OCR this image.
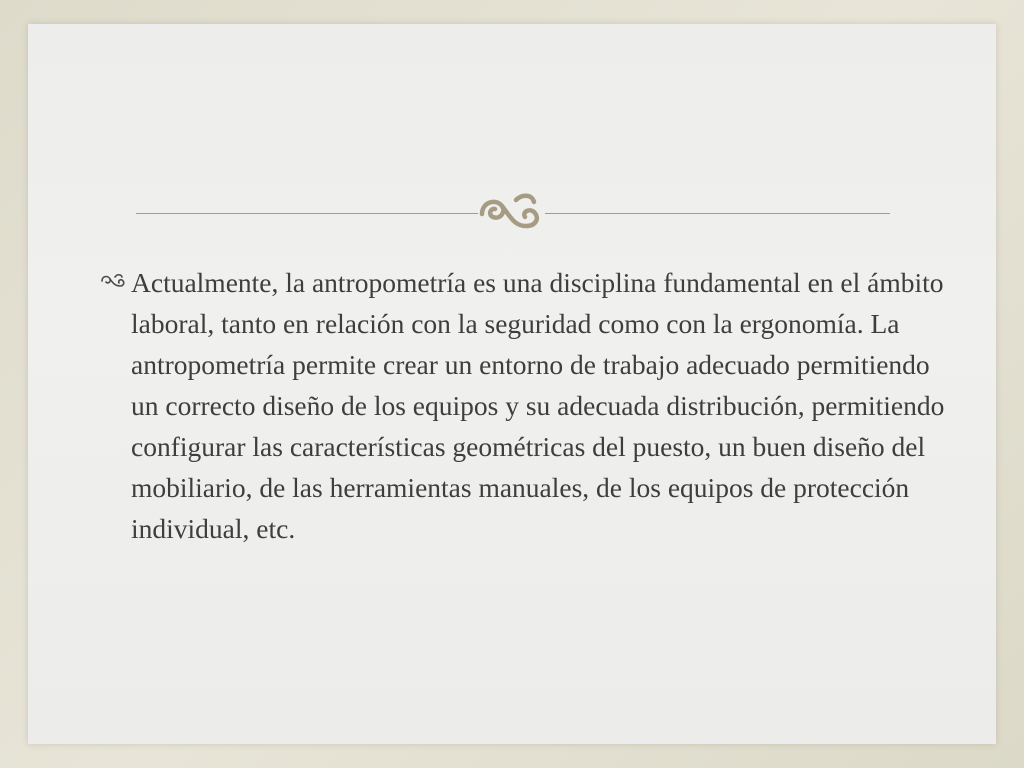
Actualmente, la antropometría es una disciplina fundamental en el ámbito laboral, tanto en relación con la seguridad como con la ergonomía. La antropometría permite crear un entorno de trabajo adecuado permitiendo un correcto diseño de los equipos y su adecuada distribución, permitiendo configurar las características geométricas del puesto, un buen diseño del mobiliario, de las herramientas manuales, de los equipos de protección individual, etc.
